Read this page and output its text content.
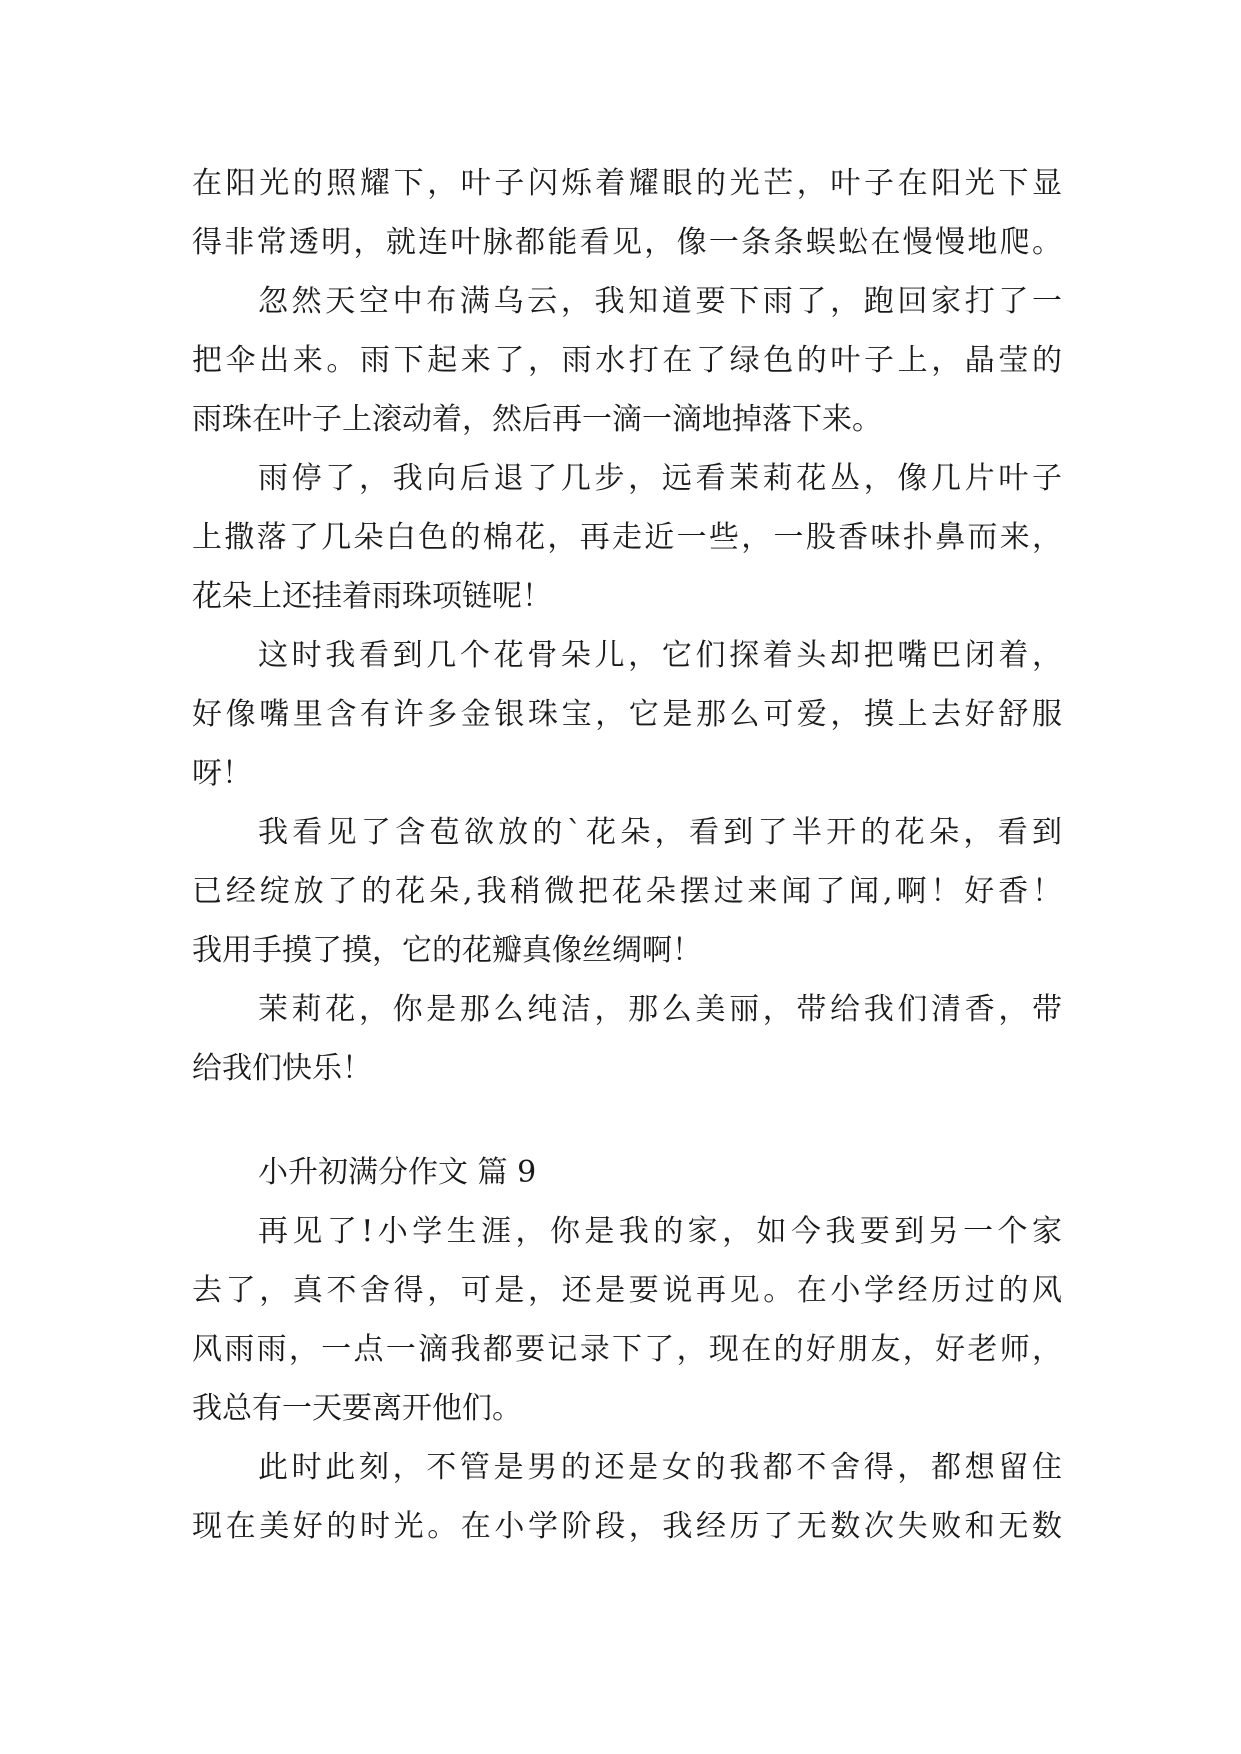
在阳光的照耀下，叶子闪烁着耀眼的光芒，叶子在阳光下显
得非常透明，就连叶脉都能看见，像一条条蜈蚣在慢慢地爬。
忽然天空中布满乌云，我知道要下雨了，跑回家打了一
把伞出来。雨下起来了，雨水打在了绿色的叶子上，晶莹的
雨珠在叶子上滚动着，然后再一滴一滴地掉落下来。
雨停了，我向后退了几步，远看茉莉花丛，像几片叶子
上撒落了几朵白色的棉花，再走近一些，一股香味扑鼻而来，
花朵上还挂着雨珠项链呢！
这时我看到几个花骨朵儿，它们探着头却把嘴巴闭着，
好像嘴里含有许多金银珠宝，它是那么可爱，摸上去好舒服
呀！
我看见了含苞欲放的`花朵，看到了半开的花朵，看到
已经绽放了的花朵,我稍微把花朵摆过来闻了闻,啊！好香！
我用手摸了摸，它的花瓣真像丝绸啊！
茉莉花，你是那么纯洁，那么美丽，带给我们清香，带
给我们快乐！
小升初满分作文 篇 9
再见了!小学生涯，你是我的家，如今我要到另一个家
去了，真不舍得，可是，还是要说再见。在小学经历过的风
风雨雨，一点一滴我都要记录下了，现在的好朋友，好老师，
我总有一天要离开他们。
此时此刻，不管是男的还是女的我都不舍得，都想留住
现在美好的时光。在小学阶段，我经历了无数次失败和无数
